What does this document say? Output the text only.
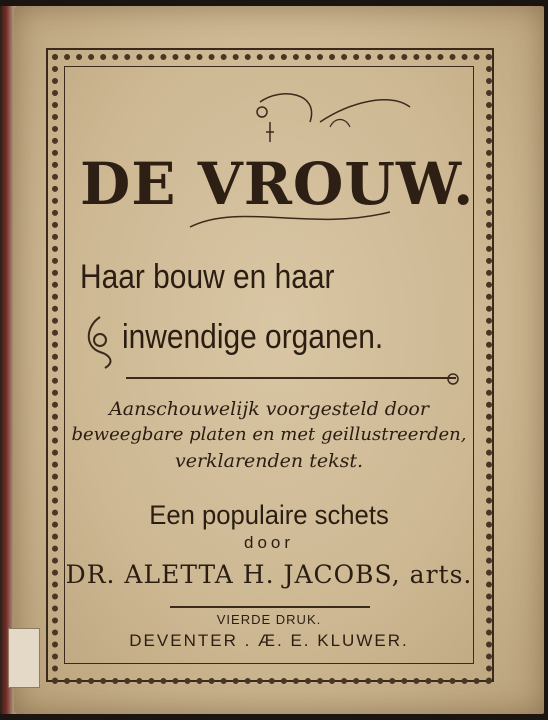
DE VROUW.
Haar bouw en haar
inwendige organen.
Aanschouwelijk voorgesteld door
beweegbare platen en met geillustreerden,
verklarenden tekst.
Een populaire schets
door
DR. ALETTA H. JACOBS, arts.
VIERDE DRUK.
DEVENTER . Æ. E. KLUWER.
